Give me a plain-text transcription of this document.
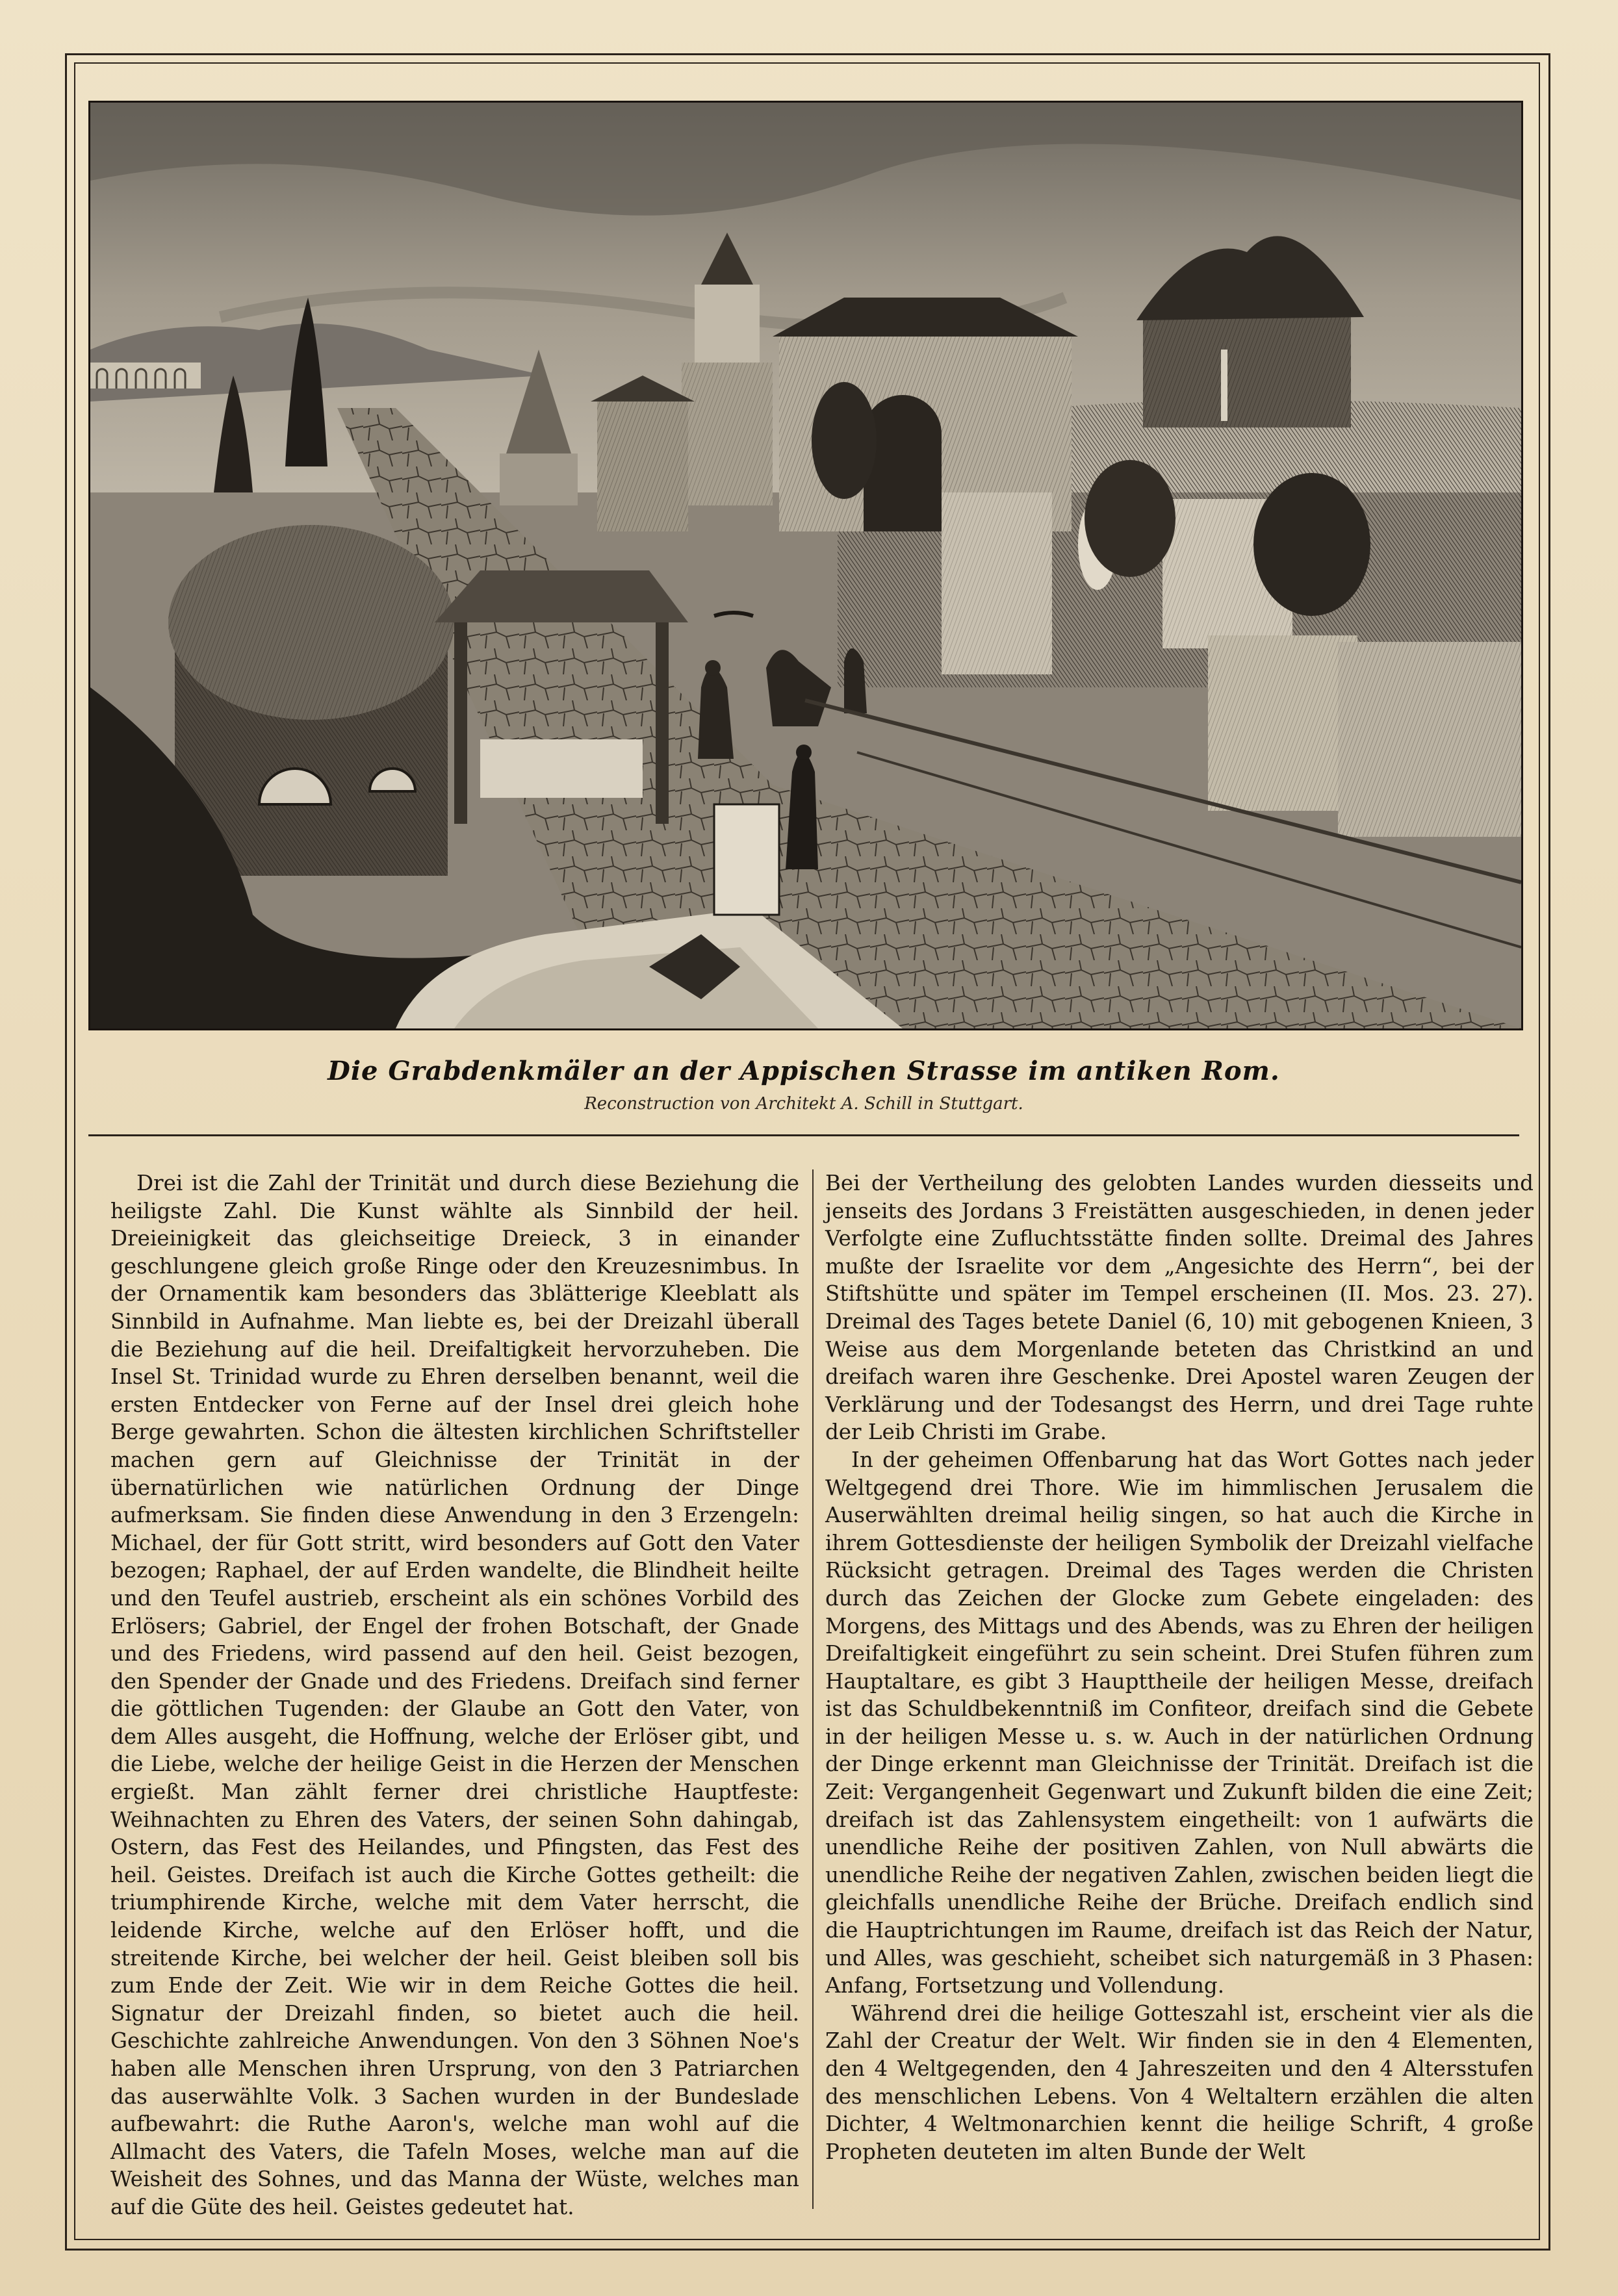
Die Grabdenkmäler an der Appischen Strasse im antiken Rom.
Reconstruction von Architekt A. Schill in Stuttgart.

Drei ist die Zahl der Trinität und durch diese Beziehung die heiligste Zahl. Die Kunst wählte als Sinnbild der heil. Dreieinigkeit das gleichseitige Dreieck, 3 in einander geschlungene gleich große Ringe oder den Kreuzesnimbus. In der Ornamentik kam besonders das 3blätterige Kleeblatt als Sinnbild in Aufnahme. Man liebte es, bei der Dreizahl überall die Beziehung auf die heil. Dreifaltigkeit hervorzuheben. Die Insel St. Trinidad wurde zu Ehren derselben benannt, weil die ersten Entdecker von Ferne auf der Insel drei gleich hohe Berge gewahrten. Schon die ältesten kirchlichen Schriftsteller machen gern auf Gleichnisse der Trinität in der übernatürlichen wie natürlichen Ordnung der Dinge aufmerksam. Sie finden diese Anwendung in den 3 Erzengeln: Michael, der für Gott stritt, wird besonders auf Gott den Vater bezogen; Raphael, der auf Erden wandelte, die Blindheit heilte und den Teufel austrieb, erscheint als ein schönes Vorbild des Erlösers; Gabriel, der Engel der frohen Botschaft, der Gnade und des Friedens, wird passend auf den heil. Geist bezogen, den Spender der Gnade und des Friedens. Dreifach sind ferner die göttlichen Tugenden: der Glaube an Gott den Vater, von dem Alles ausgeht, die Hoffnung, welche der Erlöser gibt, und die Liebe, welche der heilige Geist in die Herzen der Menschen ergießt. Man zählt ferner drei christliche Hauptfeste: Weihnachten zu Ehren des Vaters, der seinen Sohn dahingab, Ostern, das Fest des Heilandes, und Pfingsten, das Fest des heil. Geistes. Dreifach ist auch die Kirche Gottes getheilt: die triumphirende Kirche, welche mit dem Vater herrscht, die leidende Kirche, welche auf den Erlöser hofft, und die streitende Kirche, bei welcher der heil. Geist bleiben soll bis zum Ende der Zeit. Wie wir in dem Reiche Gottes die heil. Signatur der Dreizahl finden, so bietet auch die heil. Geschichte zahlreiche Anwendungen. Von den 3 Söhnen Noe's haben alle Menschen ihren Ursprung, von den 3 Patriarchen das auserwählte Volk. 3 Sachen wurden in der Bundeslade aufbewahrt: die Ruthe Aaron's, welche man wohl auf die Allmacht des Vaters, die Tafeln Moses, welche man auf die Weisheit des Sohnes, und das Manna der Wüste, welches man auf die Güte des heil. Geistes gedeutet hat.

Bei der Vertheilung des gelobten Landes wurden diesseits und jenseits des Jordans 3 Freistätten ausgeschieden, in denen jeder Verfolgte eine Zufluchtsstätte finden sollte. Dreimal des Jahres mußte der Israelite vor dem „Angesichte des Herrn“, bei der Stiftshütte und später im Tempel erscheinen (II. Mos. 23. 27). Dreimal des Tages betete Daniel (6, 10) mit gebogenen Knieen, 3 Weise aus dem Morgenlande beteten das Christkind an und dreifach waren ihre Geschenke. Drei Apostel waren Zeugen der Verklärung und der Todesangst des Herrn, und drei Tage ruhte der Leib Christi im Grabe.

In der geheimen Offenbarung hat das Wort Gottes nach jeder Weltgegend drei Thore. Wie im himmlischen Jerusalem die Auserwählten dreimal heilig singen, so hat auch die Kirche in ihrem Gottesdienste der heiligen Symbolik der Dreizahl vielfache Rücksicht getragen. Dreimal des Tages werden die Christen durch das Zeichen der Glocke zum Gebete eingeladen: des Morgens, des Mittags und des Abends, was zu Ehren der heiligen Dreifaltigkeit eingeführt zu sein scheint. Drei Stufen führen zum Hauptaltare, es gibt 3 Haupttheile der heiligen Messe, dreifach ist das Schuldbekenntniß im Confiteor, dreifach sind die Gebete in der heiligen Messe u. s. w. Auch in der natürlichen Ordnung der Dinge erkennt man Gleichnisse der Trinität. Dreifach ist die Zeit: Vergangenheit Gegenwart und Zukunft bilden die eine Zeit; dreifach ist das Zahlensystem eingetheilt: von 1 aufwärts die unendliche Reihe der positiven Zahlen, von Null abwärts die unendliche Reihe der negativen Zahlen, zwischen beiden liegt die gleichfalls unendliche Reihe der Brüche. Dreifach endlich sind die Hauptrichtungen im Raume, dreifach ist das Reich der Natur, und Alles, was geschieht, scheibet sich naturgemäß in 3 Phasen: Anfang, Fortsetzung und Vollendung.

Während drei die heilige Gotteszahl ist, erscheint vier als die Zahl der Creatur der Welt. Wir finden sie in den 4 Elementen, den 4 Weltgegenden, den 4 Jahreszeiten und den 4 Altersstufen des menschlichen Lebens. Von 4 Weltaltern erzählen die alten Dichter, 4 Weltmonarchien kennt die heilige Schrift, 4 große Propheten deuteten im alten Bunde der Welt
